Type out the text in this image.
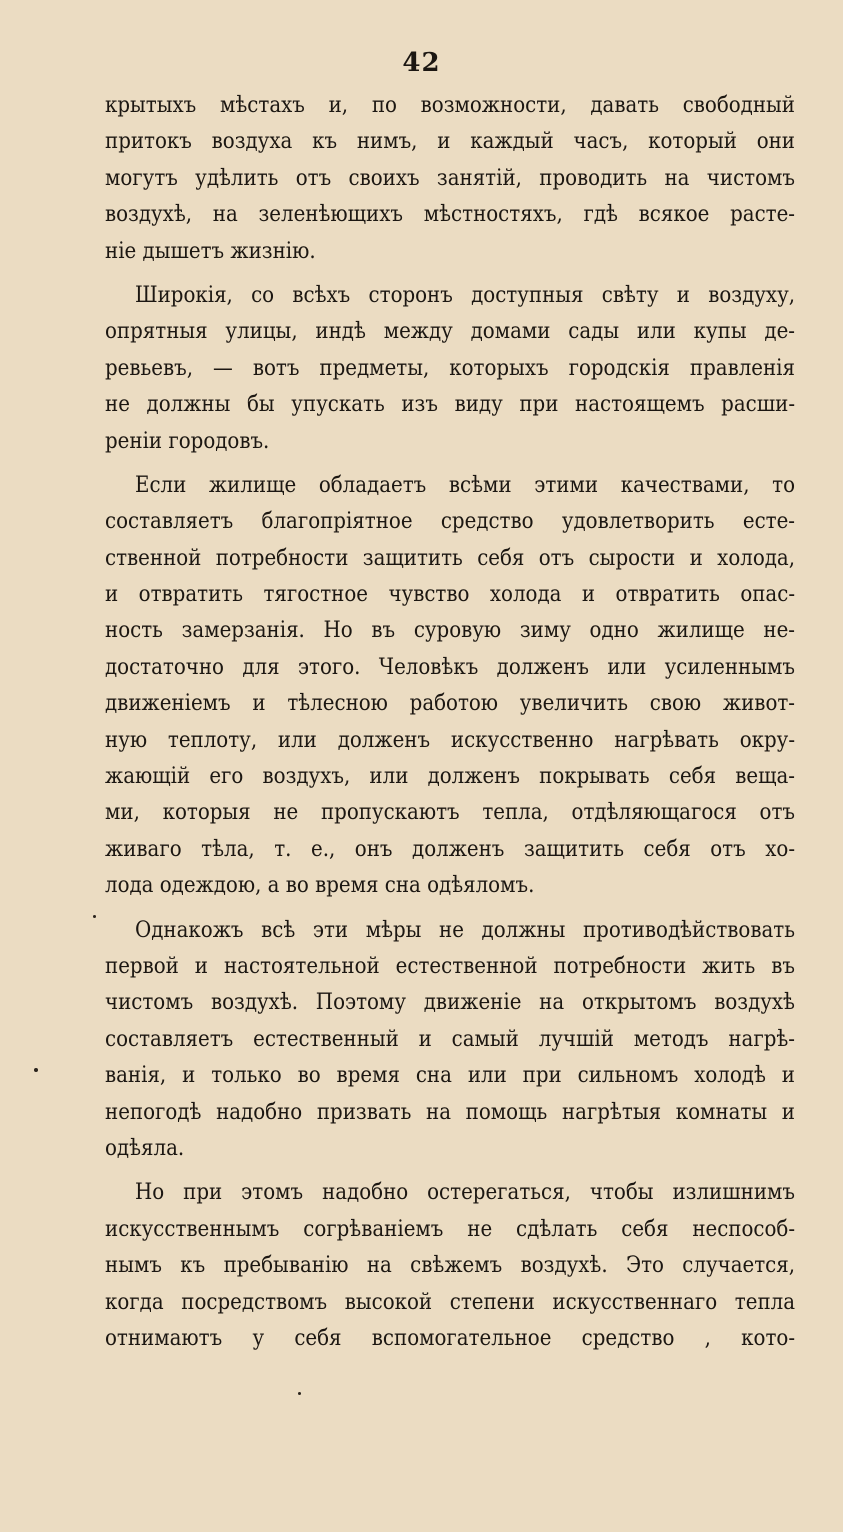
42
крытыхъ мѣстахъ и, по возможности, давать свободный
притокъ воздуха къ нимъ, и каждый часъ, который они
могутъ удѣлить отъ своихъ занятій, проводить на чистомъ
воздухѣ, на зеленѣющихъ мѣстностяхъ, гдѣ всякое расте-
ніе дышетъ жизнію.
Широкія, со всѣхъ сторонъ доступныя свѣту и воздуху,
опрятныя улицы, индѣ между домами сады или купы де-
ревьевъ, — вотъ предметы, которыхъ городскія правленія
не должны бы упускать изъ виду при настоящемъ расши-
реніи городовъ.
Если жилище обладаетъ всѣми этими качествами, то
составляетъ благопріятное средство удовлетворить есте-
ственной потребности защитить себя отъ сырости и холода,
и отвратить тягостное чувство холода и отвратить опас-
ность замерзанія. Но въ суровую зиму одно жилище не-
достаточно для этого. Человѣкъ долженъ или усиленнымъ
движеніемъ и тѣлесною работою увеличить свою живот-
ную теплоту, или долженъ искусственно нагрѣвать окру-
жающій его воздухъ, или долженъ покрывать себя веща-
ми, которыя не пропускаютъ тепла, отдѣляющагося отъ
живаго тѣла, т. е., онъ долженъ защитить себя отъ хо-
лода одеждою, а во время сна одѣяломъ.
Однакожъ всѣ эти мѣры не должны противодѣйствовать
первой и настоятельной естественной потребности жить въ
чистомъ воздухѣ. Поэтому движеніе на открытомъ воздухѣ
составляетъ естественный и самый лучшій методъ нагрѣ-
ванія, и только во время сна или при сильномъ холодѣ и
непогодѣ надобно призвать на помощь нагрѣтыя комнаты и
одѣяла.
Но при этомъ надобно остерегаться, чтобы излишнимъ
искусственнымъ согрѣваніемъ не сдѣлать себя неспособ-
нымъ къ пребыванію на свѣжемъ воздухѣ. Это случается,
когда посредствомъ высокой степени искусственнаго тепла
отнимаютъ у себя вспомогательное средство , кото-
